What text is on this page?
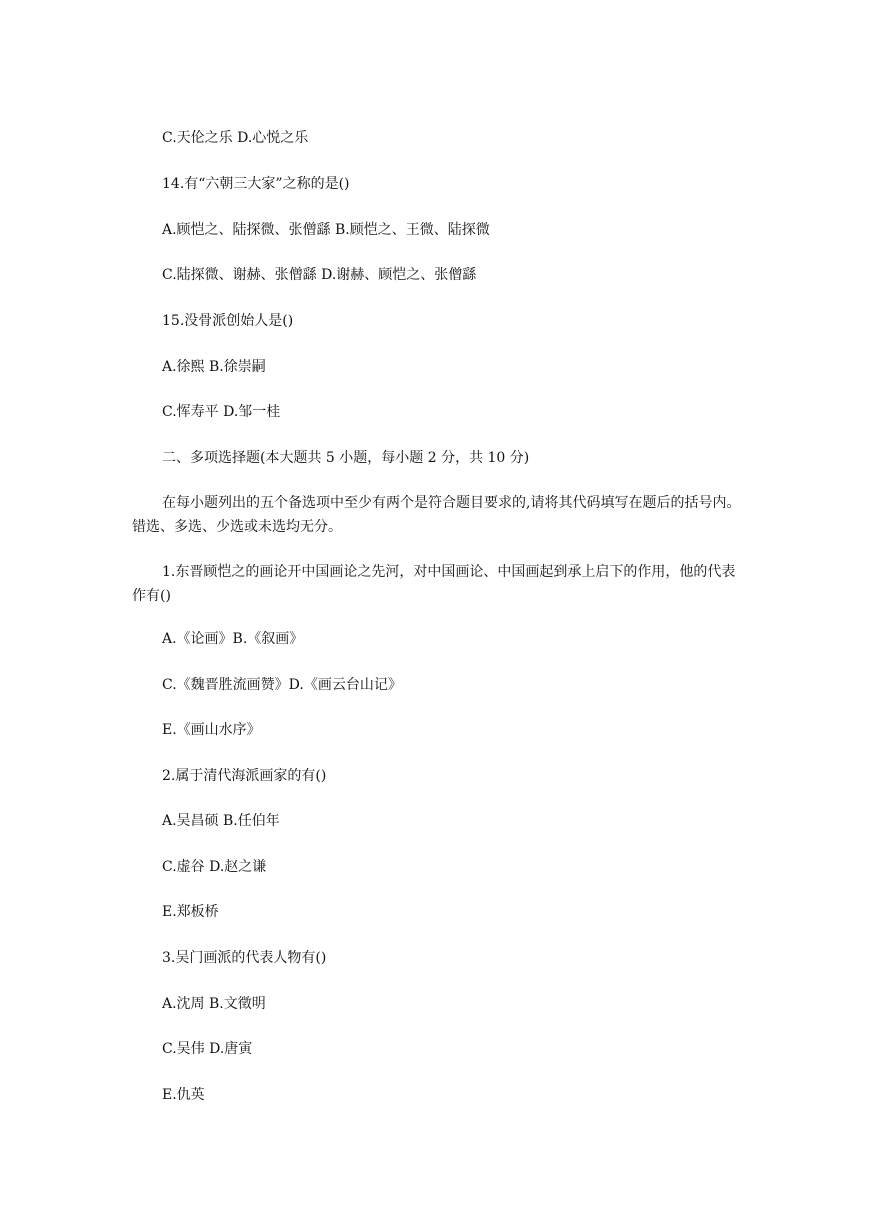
C.天伦之乐 D.心悦之乐

14.有“六朝三大家”之称的是()

A.顾恺之、陆探微、张僧繇 B.顾恺之、王微、陆探微

C.陆探微、谢赫、张僧繇 D.谢赫、顾恺之、张僧繇

15.没骨派创始人是()

A.徐熙 B.徐崇嗣

C.恽寿平 D.邹一桂

二、多项选择题(本大题共 5 小题，每小题 2 分，共 10 分)

在每小题列出的五个备选项中至少有两个是符合题目要求的,请将其代码填写在题后的括号内。错选、多选、少选或未选均无分。

1.东晋顾恺之的画论开中国画论之先河，对中国画论、中国画起到承上启下的作用，他的代表作有()

A.《论画》B.《叙画》

C.《魏晋胜流画赞》D.《画云台山记》

E.《画山水序》

2.属于清代海派画家的有()

A.吴昌硕 B.任伯年

C.虚谷 D.赵之谦

E.郑板桥

3.吴门画派的代表人物有()

A.沈周 B.文徵明

C.吴伟 D.唐寅

E.仇英
